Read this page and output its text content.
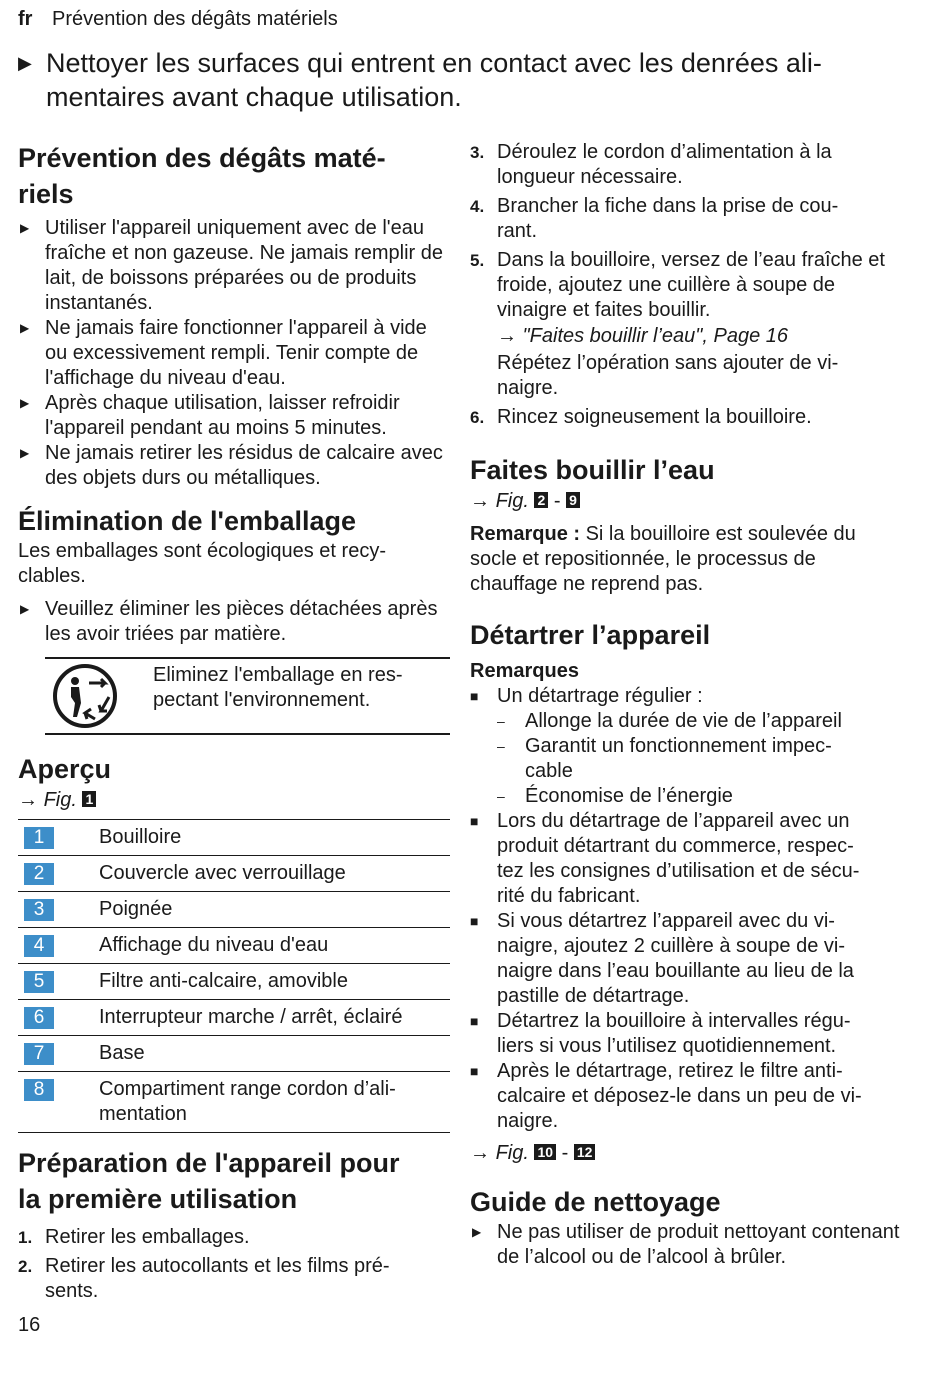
fr Prévention des dégâts matériels
▶ Nettoyer les surfaces qui entrent en contact avec les denrées ali-
mentaires avant chaque utilisation.
Prévention des dégâts maté-
riels
▶ Utiliser l'appareil uniquement avec de l'eau fraîche et non gazeuse. Ne jamais remplir de lait, de boissons préparées ou de produits instantanés.
▶ Ne jamais faire fonctionner l'appareil à vide ou excessivement rempli. Tenir compte de l'affichage du niveau d'eau.
▶ Après chaque utilisation, laisser refroidir l'appareil pendant au moins 5 minutes.
▶ Ne jamais retirer les résidus de calcaire avec des objets durs ou métalliques.
Élimination de l'emballage

Les emballages sont écologiques et recy-
clables.

▶ Veuillez éliminer les pièces détachées après les avoir triées par matière.
Eliminez l'emballage en res-
pectant l'environnement.
Aperçu
→ Fig. 1
1	Bouilloire
2	Couvercle avec verrouillage
3	Poignée
4	Affichage du niveau d'eau
5	Filtre anti-calcaire, amovible
6	Interrupteur marche / arrêt, éclairé
7	Base
8	Compartiment range cordon d’ali-
mentation
Préparation de l'appareil pour
la première utilisation
1. Retirer les emballages.
2. Retirer les autocollants et les films pré-
sents.
3. Déroulez le cordon d’alimentation à la longueur nécessaire.
4. Brancher la fiche dans la prise de cou-
rant.
5. Dans la bouilloire, versez de l’eau fraîche et froide, ajoutez une cuillère à soupe de vinaigre et faites bouillir.
→ "Faites bouillir l’eau", Page 16
Répétez l’opération sans ajouter de vi-
naigre.
6. Rincez soigneusement la bouilloire.
Faites bouillir l’eau
→ Fig. 2 - 9

Remarque : Si la bouilloire est soulevée du socle et repositionnée, le processus de chauffage ne reprend pas.

Détartrer l’appareil

Remarques

■ Un détartrage régulier :
– Allonge la durée de vie de l’appareil
– Garantit un fonctionnement impec-
cable
– Économise de l’énergie
■ Lors du détartrage de l’appareil avec un produit détartrant du commerce, respec-
tez les consignes d’utilisation et de sécu-
rité du fabricant.
■ Si vous détartrez l’appareil avec du vi-
naigre, ajoutez 2 cuillère à soupe de vi-
naigre dans l’eau bouillante au lieu de la pastille de détartrage.
■ Détartrez la bouilloire à intervalles régu-
liers si vous l’utilisez quotidiennement.
■ Après le détartrage, retirez le filtre anti-
calcaire et déposez-le dans un peu de vi-
naigre.
→ Fig. 10 - 12
Guide de nettoyage
▶ Ne pas utiliser de produit nettoyant contenant de l’alcool ou de l’alcool à brûler.
16
